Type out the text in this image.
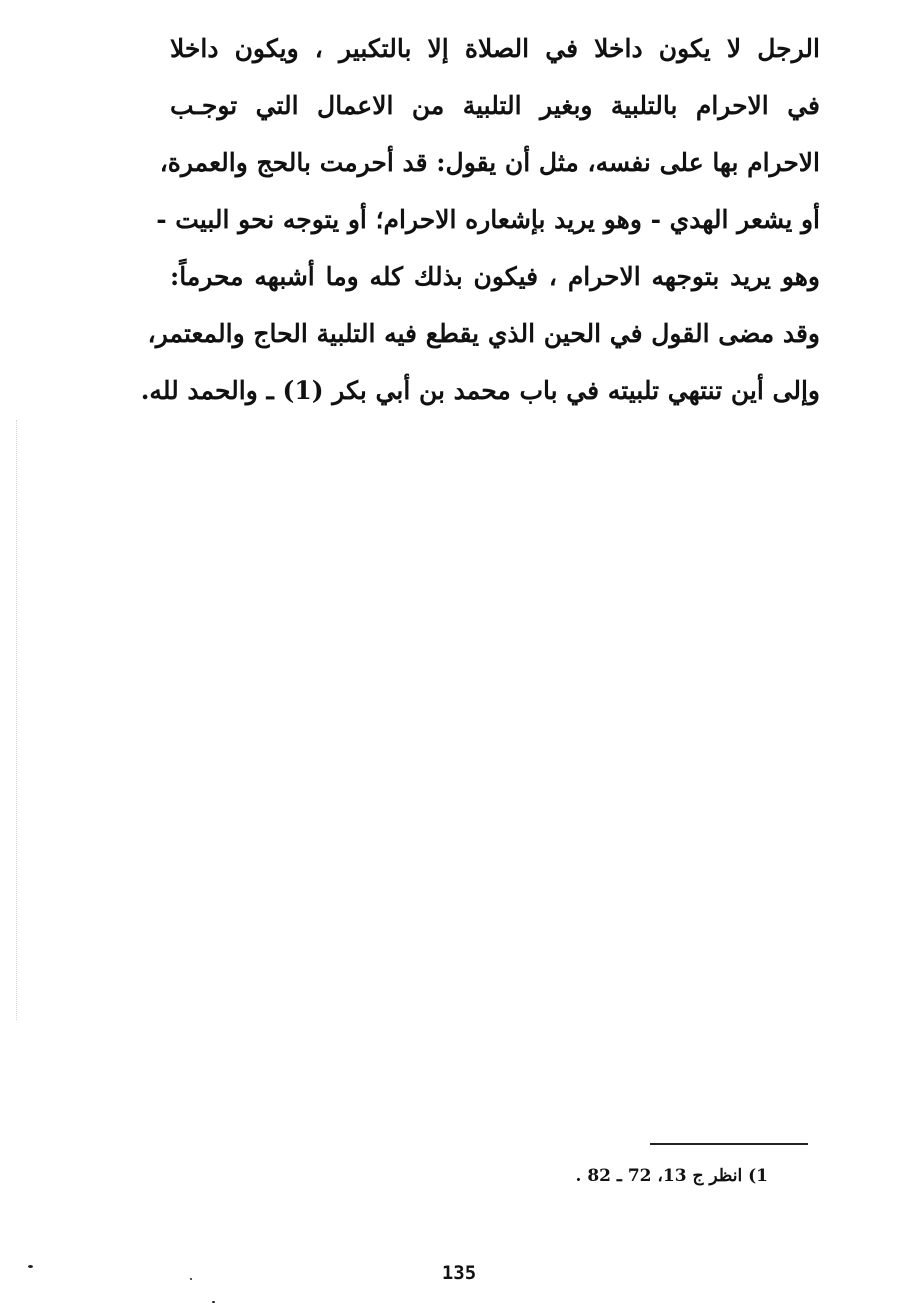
الرجل لا يكون داخلا في الصلاة إلا بالتكبير ، ويكون داخلا
في الاحرام بالتلبية وبغير التلبية من الاعمال التي توجـب
الاحرام بها على نفسه، مثل أن يقول: قد أحرمت بالحج والعمرة،
أو يشعر الهدي - وهو يريد بإشعاره الاحرام؛ أو يتوجه نحو البيت -
وهو يريد بتوجهه الاحرام ، فيكون بذلك كله وما أشبهه محرماً:
وقد مضى القول في الحين الذي يقطع فيه التلبية الحاج والمعتمر،
وإلى أين تنتهي تلبيته في باب محمد بن أبي بكر (1) ـ والحمد لله.
1) انظر ج 13، 72 ـ 82 .
135
